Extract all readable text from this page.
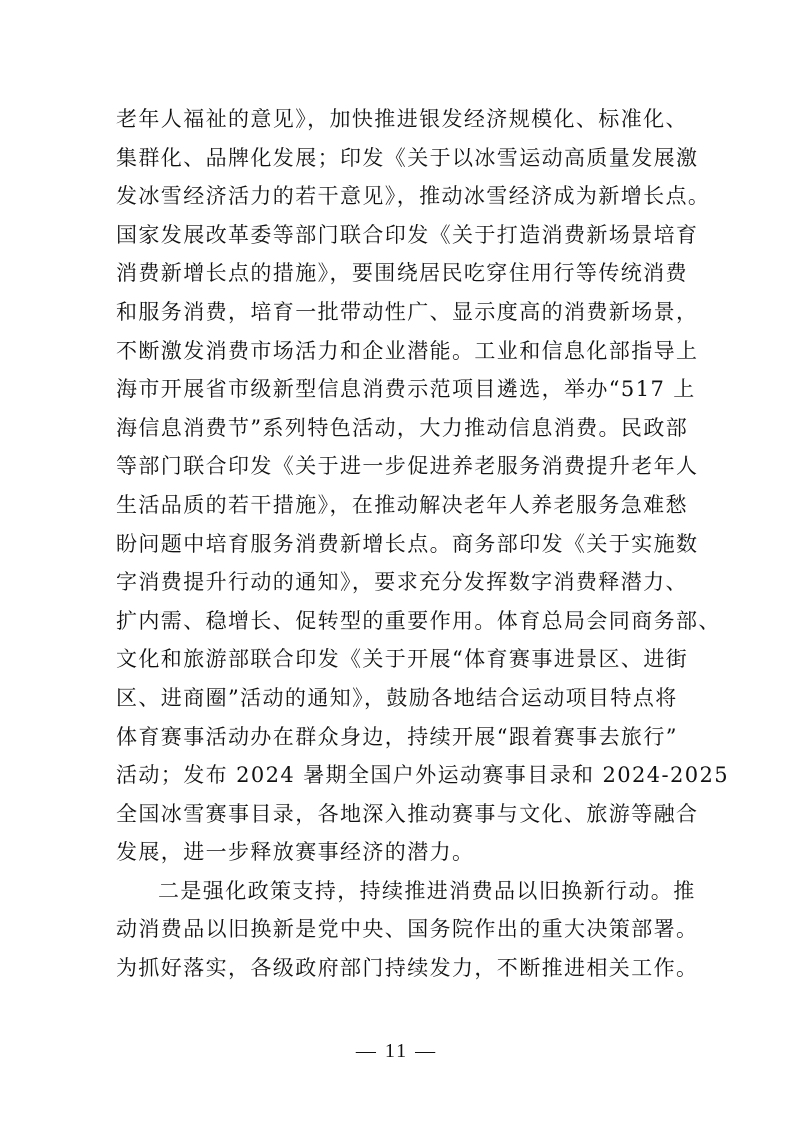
老年人福祉的意见》，加快推进银发经济规模化、标准化、
集群化、品牌化发展；印发《关于以冰雪运动高质量发展激
发冰雪经济活力的若干意见》，推动冰雪经济成为新增长点。
国家发展改革委等部门联合印发《关于打造消费新场景培育
消费新增长点的措施》，要围绕居民吃穿住用行等传统消费
和服务消费，培育一批带动性广、显示度高的消费新场景，
不断激发消费市场活力和企业潜能。工业和信息化部指导上
海市开展省市级新型信息消费示范项目遴选，举办“517 上
海信息消费节”系列特色活动，大力推动信息消费。民政部
等部门联合印发《关于进一步促进养老服务消费提升老年人
生活品质的若干措施》，在推动解决老年人养老服务急难愁
盼问题中培育服务消费新增长点。商务部印发《关于实施数
字消费提升行动的通知》，要求充分发挥数字消费释潜力、
扩内需、稳增长、促转型的重要作用。体育总局会同商务部、
文化和旅游部联合印发《关于开展“体育赛事进景区、进街
区、进商圈”活动的通知》，鼓励各地结合运动项目特点将
体育赛事活动办在群众身边，持续开展“跟着赛事去旅行”
活动；发布 2024 暑期全国户外运动赛事目录和 2024-2025
全国冰雪赛事目录，各地深入推动赛事与文化、旅游等融合
发展，进一步释放赛事经济的潜力。
二是强化政策支持，持续推进消费品以旧换新行动。推
动消费品以旧换新是党中央、国务院作出的重大决策部署。
为抓好落实，各级政府部门持续发力，不断推进相关工作。
— 11 —
